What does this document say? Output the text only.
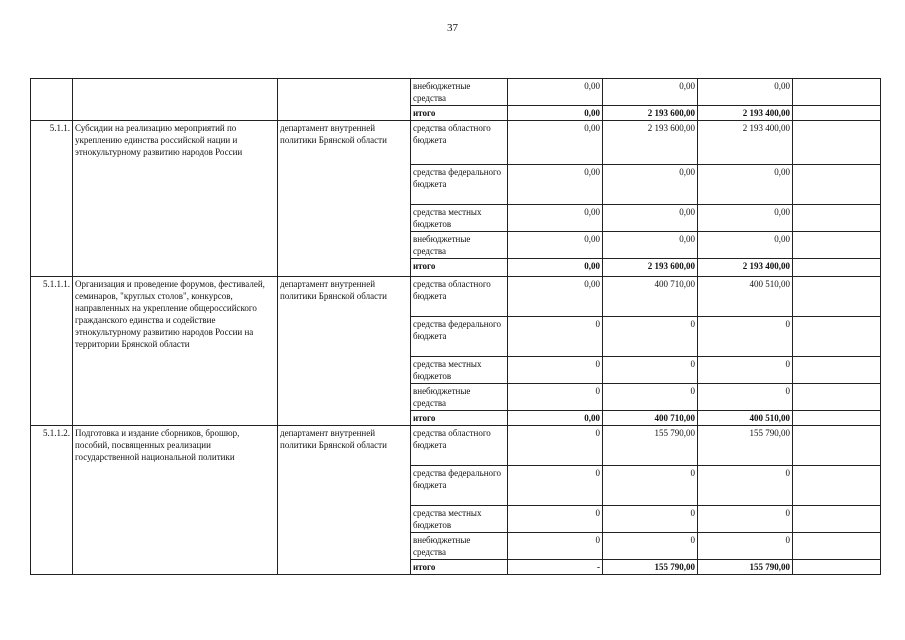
37
			внебюджетные средства	0,00	0,00	0,00	
			итого	0,00	2 193 600,00	2 193 400,00	
5.1.1.	Субсидии на реализацию мероприятий по укреплению единства российской нации и этнокультурному развитию народов России	департамент внутренней политики Брянской области	средства областного бюджета	0,00	2 193 600,00	2 193 400,00	
			средства федерального бюджета	0,00	0,00	0,00	
			средства местных бюджетов	0,00	0,00	0,00	
			внебюджетные средства	0,00	0,00	0,00	
			итого	0,00	2 193 600,00	2 193 400,00	
5.1.1.1.	Организация и проведение форумов, фестивалей, семинаров, "круглых столов", конкурсов, направленных на укрепление общероссийского гражданского единства и содействие этнокультурному развитию народов России на территории Брянской области	департамент внутренней политики Брянской области	средства областного бюджета	0,00	400 710,00	400 510,00	
			средства федерального бюджета	0	0	0	
			средства местных бюджетов	0	0	0	
			внебюджетные средства	0	0	0	
			итого	0,00	400 710,00	400 510,00	
5.1.1.2.	Подготовка и издание сборников, брошюр, пособий, посвященных реализации государственной национальной политики	департамент внутренней политики Брянской области	средства областного бюджета	0	155 790,00	155 790,00	
			средства федерального бюджета	0	0	0	
			средства местных бюджетов	0	0	0	
			внебюджетные средства	0	0	0	
			итого	-	155 790,00	155 790,00	
